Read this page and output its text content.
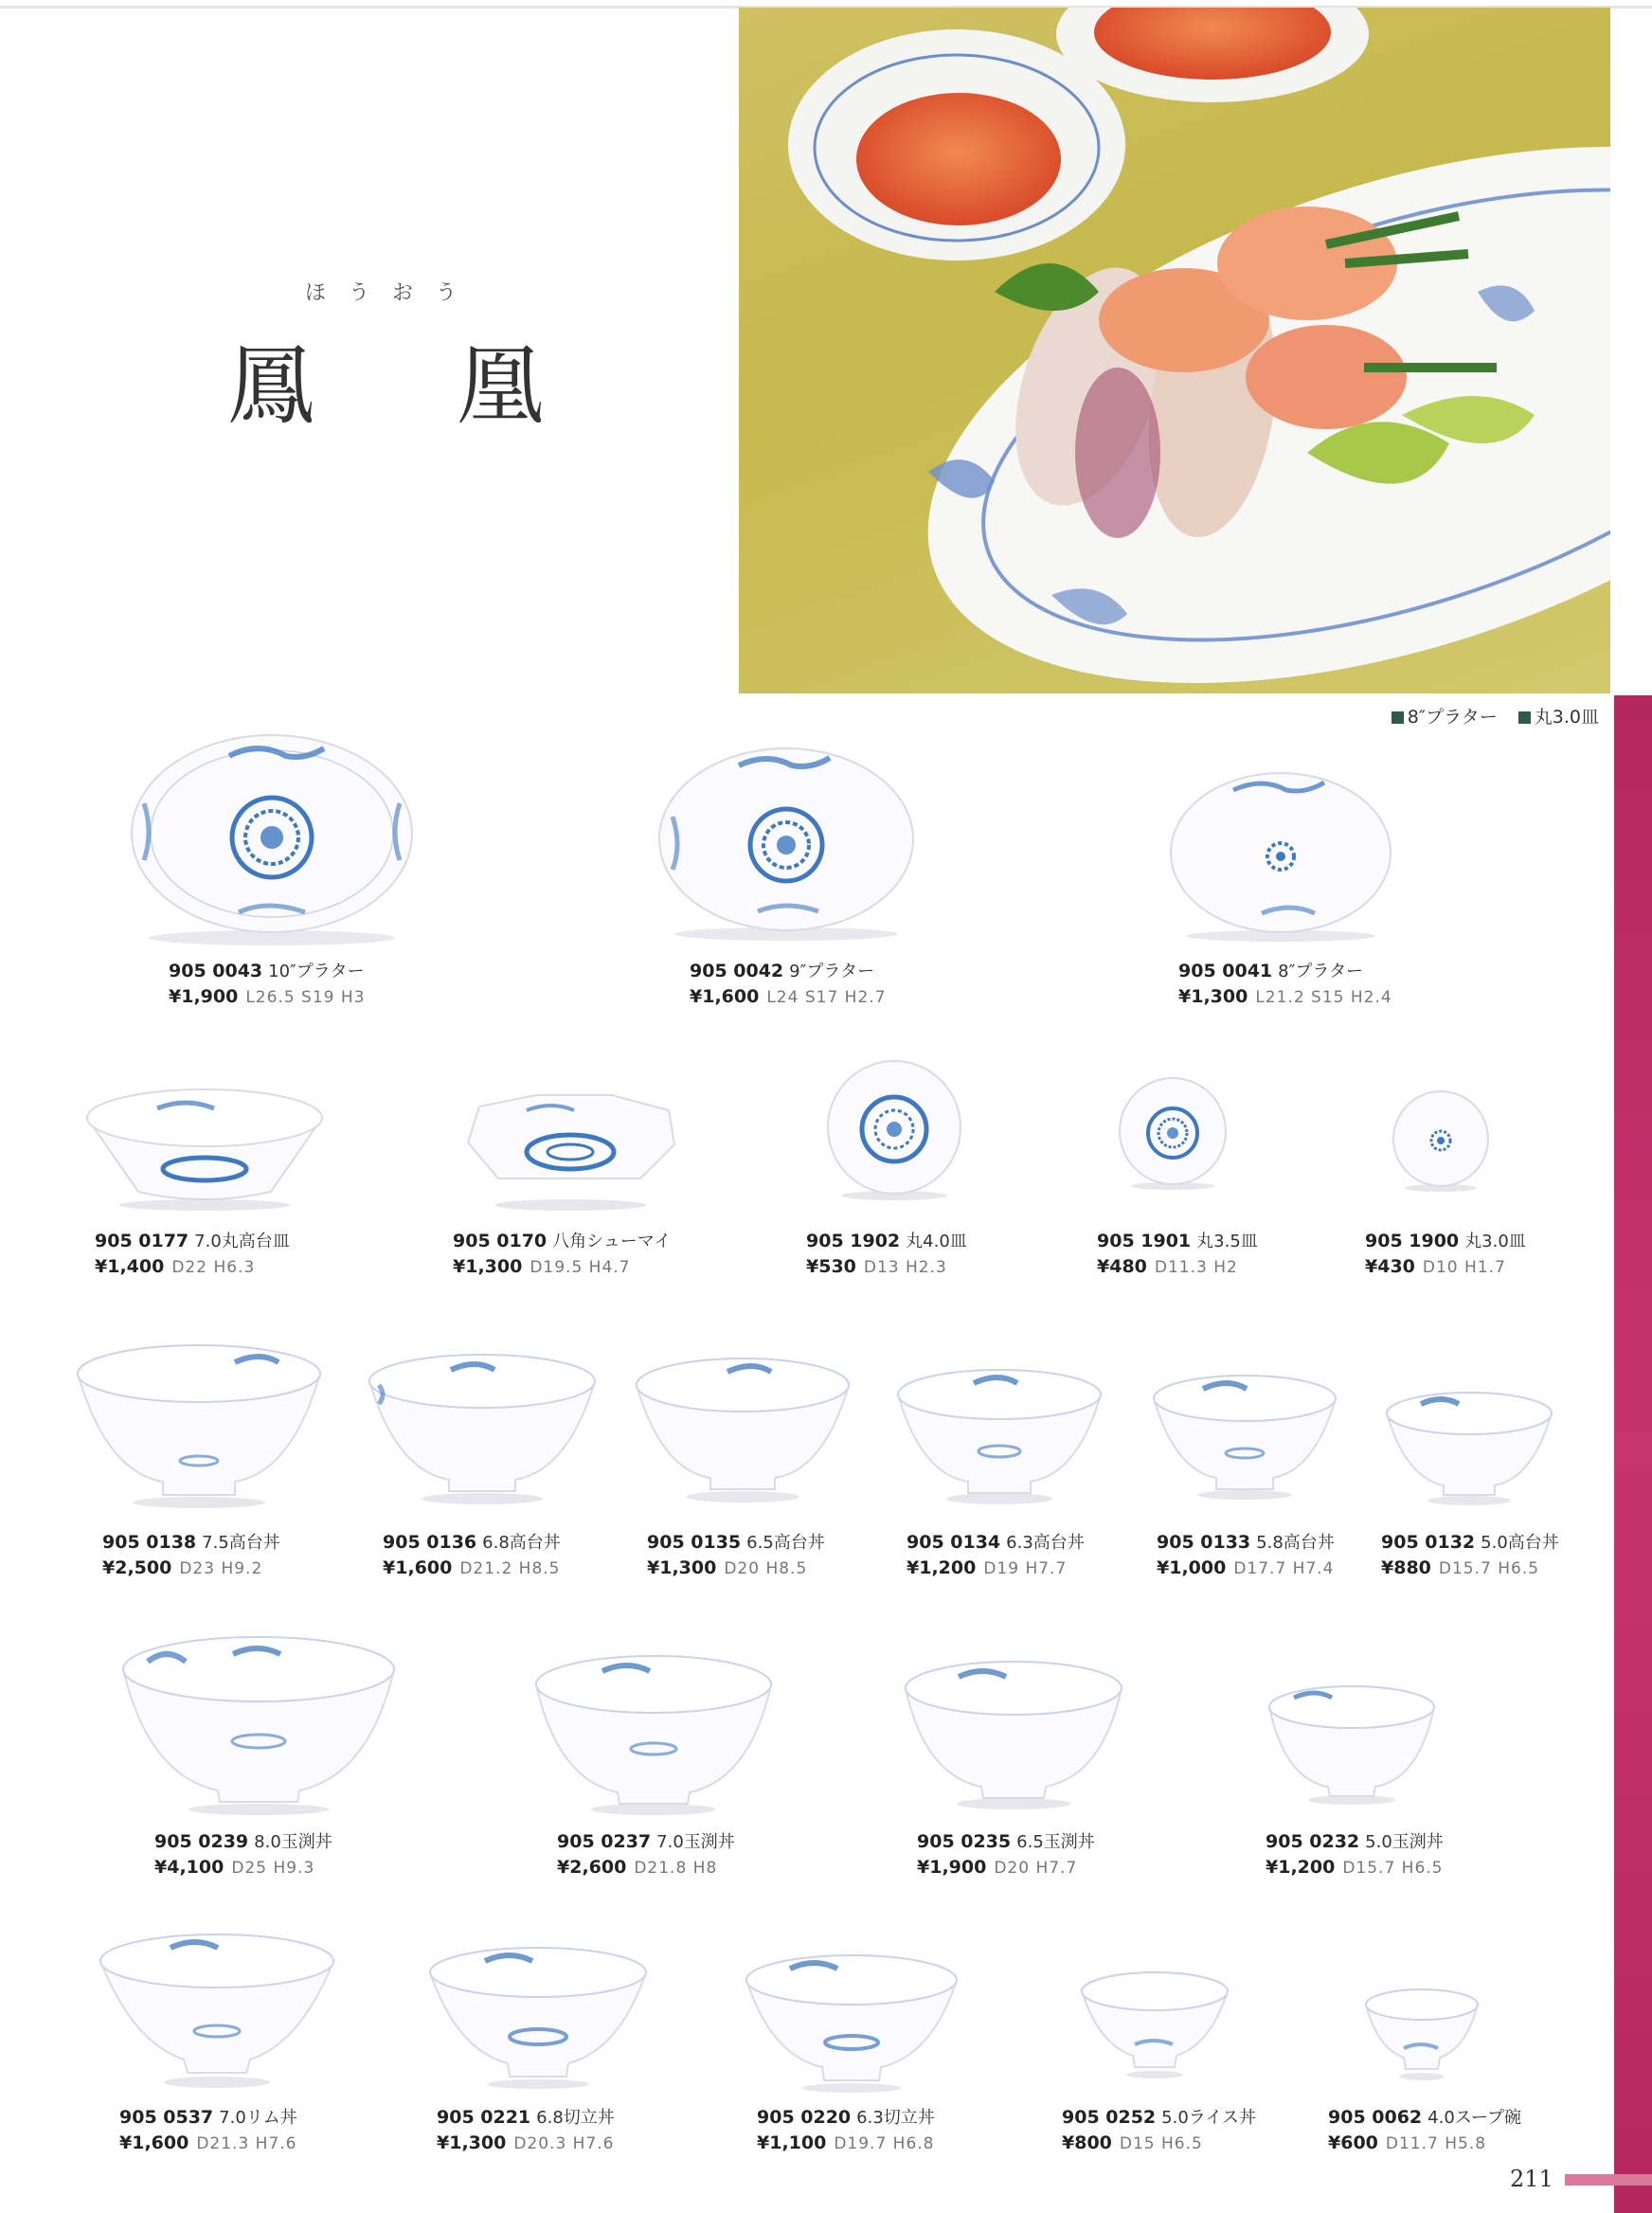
ほうおう
鳳 凰
8″プラター 丸3.0皿
211
905 0043 10″プラター
¥1,900 L26.5 S19 H3
905 0042 9″プラター
¥1,600 L24 S17 H2.7
905 0041 8″プラター
¥1,300 L21.2 S15 H2.4
905 0177 7.0丸高台皿
¥1,400 D22 H6.3
905 0170 八角シューマイ
¥1,300 D19.5 H4.7
905 1902 丸4.0皿
¥530 D13 H2.3
905 1901 丸3.5皿
¥480 D11.3 H2
905 1900 丸3.0皿
¥430 D10 H1.7
905 0138 7.5高台丼
¥2,500 D23 H9.2
905 0136 6.8高台丼
¥1,600 D21.2 H8.5
905 0135 6.5高台丼
¥1,300 D20 H8.5
905 0134 6.3高台丼
¥1,200 D19 H7.7
905 0133 5.8高台丼
¥1,000 D17.7 H7.4
905 0132 5.0高台丼
¥880 D15.7 H6.5
905 0239 8.0玉渕丼
¥4,100 D25 H9.3
905 0237 7.0玉渕丼
¥2,600 D21.8 H8
905 0235 6.5玉渕丼
¥1,900 D20 H7.7
905 0232 5.0玉渕丼
¥1,200 D15.7 H6.5
905 0537 7.0リム丼
¥1,600 D21.3 H7.6
905 0221 6.8切立丼
¥1,300 D20.3 H7.6
905 0220 6.3切立丼
¥1,100 D19.7 H6.8
905 0252 5.0ライス丼
¥800 D15 H6.5
905 0062 4.0スープ碗
¥600 D11.7 H5.8
